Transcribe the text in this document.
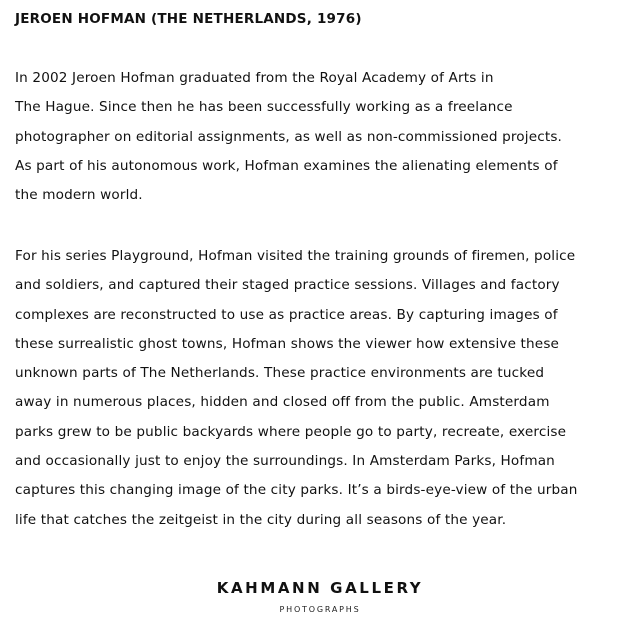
JEROEN HOFMAN (THE NETHERLANDS, 1976)

In 2002 Jeroen Hofman graduated from the Royal Academy of Arts in
The Hague. Since then he has been successfully working as a freelance
photographer on editorial assignments, as well as non-commissioned projects.
As part of his autonomous work, Hofman examines the alienating elements of
the modern world.

For his series Playground, Hofman visited the training grounds of firemen, police
and soldiers, and captured their staged practice sessions. Villages and factory
complexes are reconstructed to use as practice areas. By capturing images of
these surrealistic ghost towns, Hofman shows the viewer how extensive these
unknown parts of The Netherlands. These practice environments are tucked
away in numerous places, hidden and closed off from the public. Amsterdam
parks grew to be public backyards where people go to party, recreate, exercise
and occasionally just to enjoy the surroundings. In Amsterdam Parks, Hofman
captures this changing image of the city parks. It’s a birds-eye-view of the urban
life that catches the zeitgeist in the city during all seasons of the year.

KAHMANN GALLERY

PHOTOGRAPHS
